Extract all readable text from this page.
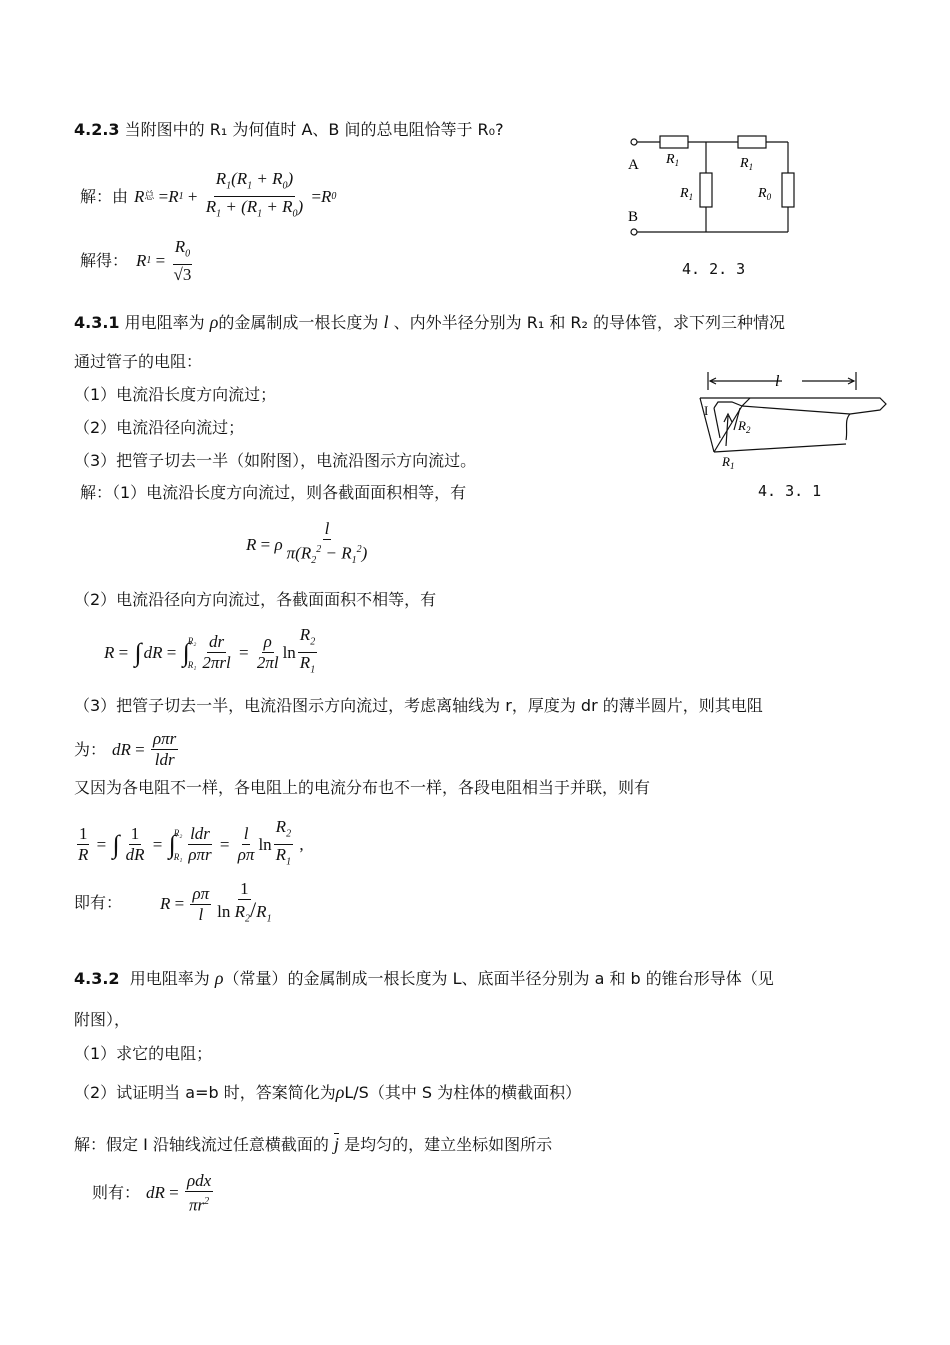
4.2.3 当附图中的 R₁ 为何值时 A、B 间的总电阻恰等于 R₀?
解：由 R 总 = R $1 + \frac{R_1(R_1 + R_0)}{R_1 + (R_1 + R_0)} = R$ 0
解得： R $1 = \frac{R_0}{√3}$
A
B
$R_1$	$R_1$
$R_1$	$R_0$
4. 2. 3
4.3.1 用电阻率为 ρ的金属制成一根长度为 l 、内外半径分别为 R₁ 和 R₂ 的导体管，求下列三种情况
通过管子的电阻：
（1）电流沿长度方向流过；
（2）电流沿径向流过；
（3）把管子切去一半（如附图），电流沿图示方向流过。
解：（1）电流沿长度方向流过，则各截面面积相等，有
l
I
$R_2$
$R_1$
4. 3. 1
R = ρ $\frac{l}{\pi(R_2^2 - R_1^2)}$
（2）电流沿径向方向流过，各截面面积不相等，有
R = ∫ dR = ∫
R₂
$R_1 \frac{dr}{\text{2πrl}} = \frac{\rho}{2\pi l}$ $\ln \frac{R_2}{R_1}$
（3）把管子切去一半，电流沿图示方向流过，考虑离轴线为 r，厚度为 dr 的薄半圆片，则其电阻
为： dR = $\frac{\text{ρπr}}{\text{ldr}}$
又因为各电阻不一样，各电阻上的电流分布也不一样，各段电阻相当于并联，则有
$\frac{1}{R}$ = ∫ $\frac{1}{dR}$ = ∫
R₂
$R_1 \frac{\text{ldr}}{\text{ρπr}} = \frac{l}{\rho\pi}$ $\ln \frac{R_2}{R_1}$ ,
即有： $R = \frac{\rho\pi}{l} \frac{1}{\ln R_2/R_1}$
4.3.2 用电阻率为 ρ（常量）的金属制成一根长度为 L、底面半径分别为 a 和 b 的锥台形导体（见
附图），
（1）求它的电阻；
（2）试证明当 a=b 时，答案简化为ρL/S（其中 S 为柱体的横截面积）
解：假定 I 沿轴线流过任意横截面的 $\overline{j}$ 是均匀的，建立坐标如图所示
则有： dR = $\frac{\text{ρdx}}{\pi r^2}$
